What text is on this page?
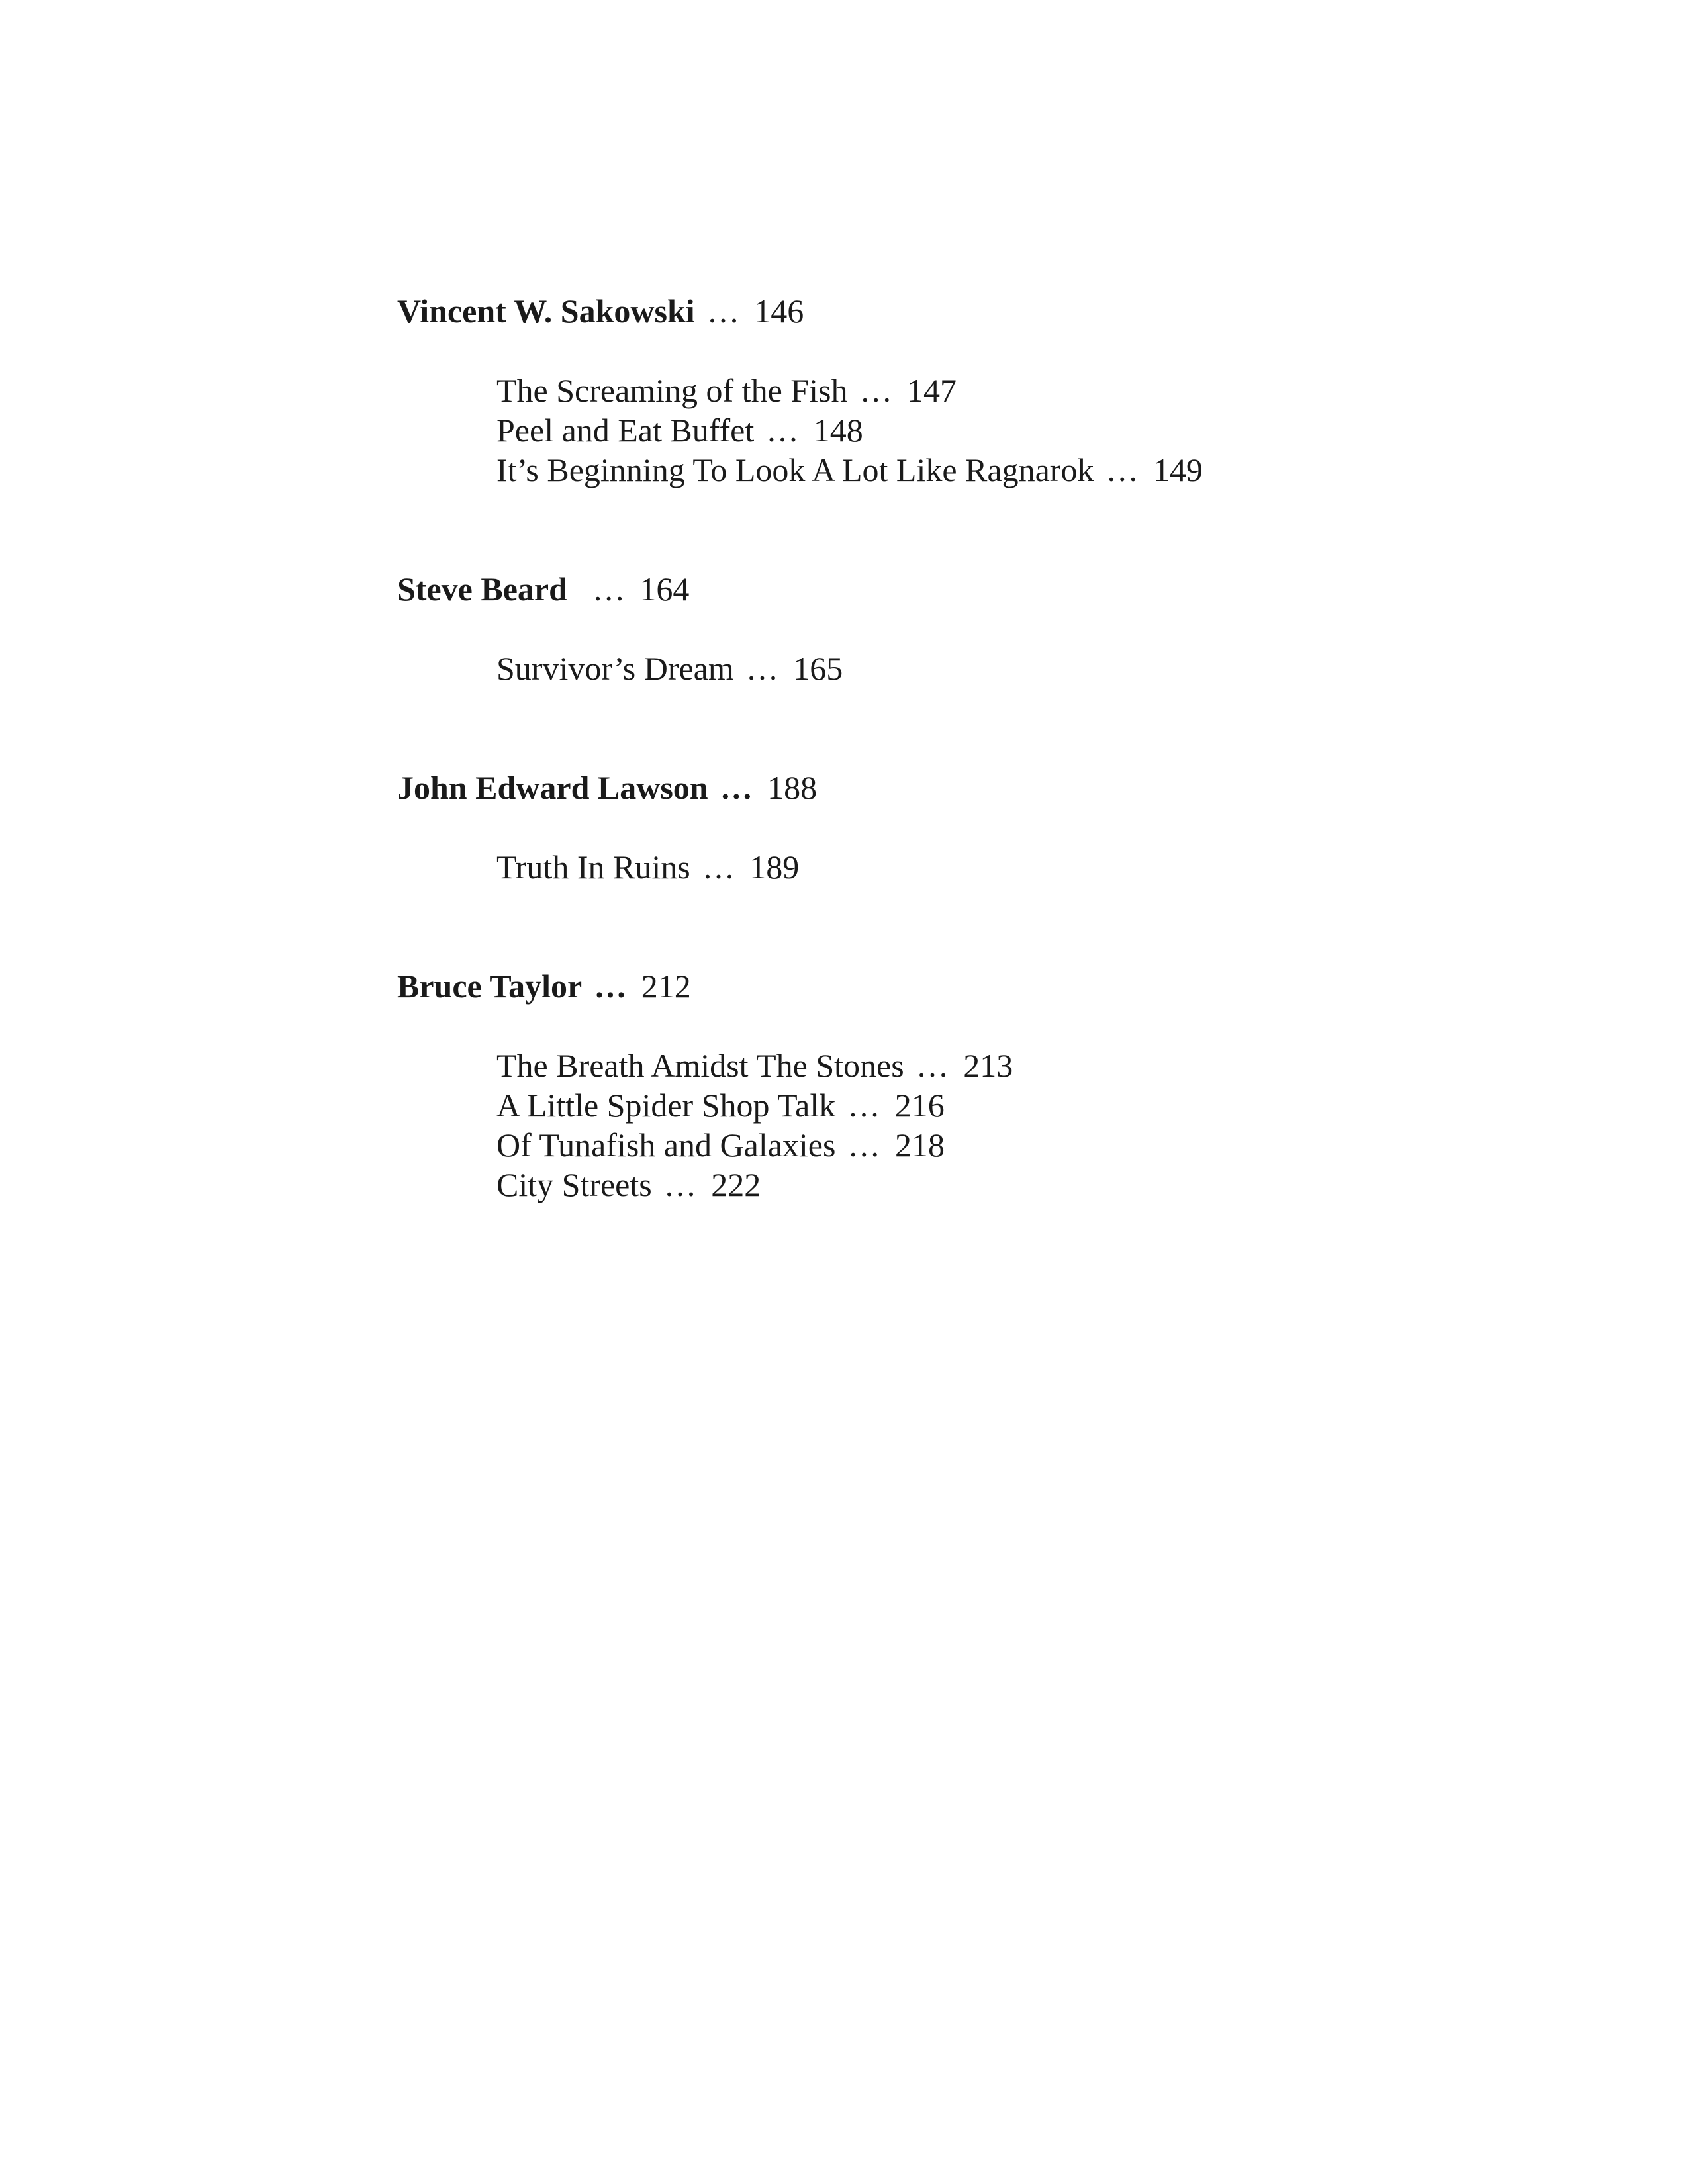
Vincent W. Sakowski ... 146
The Screaming of the Fish ... 147
Peel and Eat Buffet ... 148
It’s Beginning To Look A Lot Like Ragnarok ... 149
Steve Beard ... 164
Survivor’s Dream ... 165
John Edward Lawson ... 188
Truth In Ruins ... 189
Bruce Taylor ... 212
The Breath Amidst The Stones ... 213
A Little Spider Shop Talk ... 216
Of Tunafish and Galaxies ... 218
City Streets ... 222
